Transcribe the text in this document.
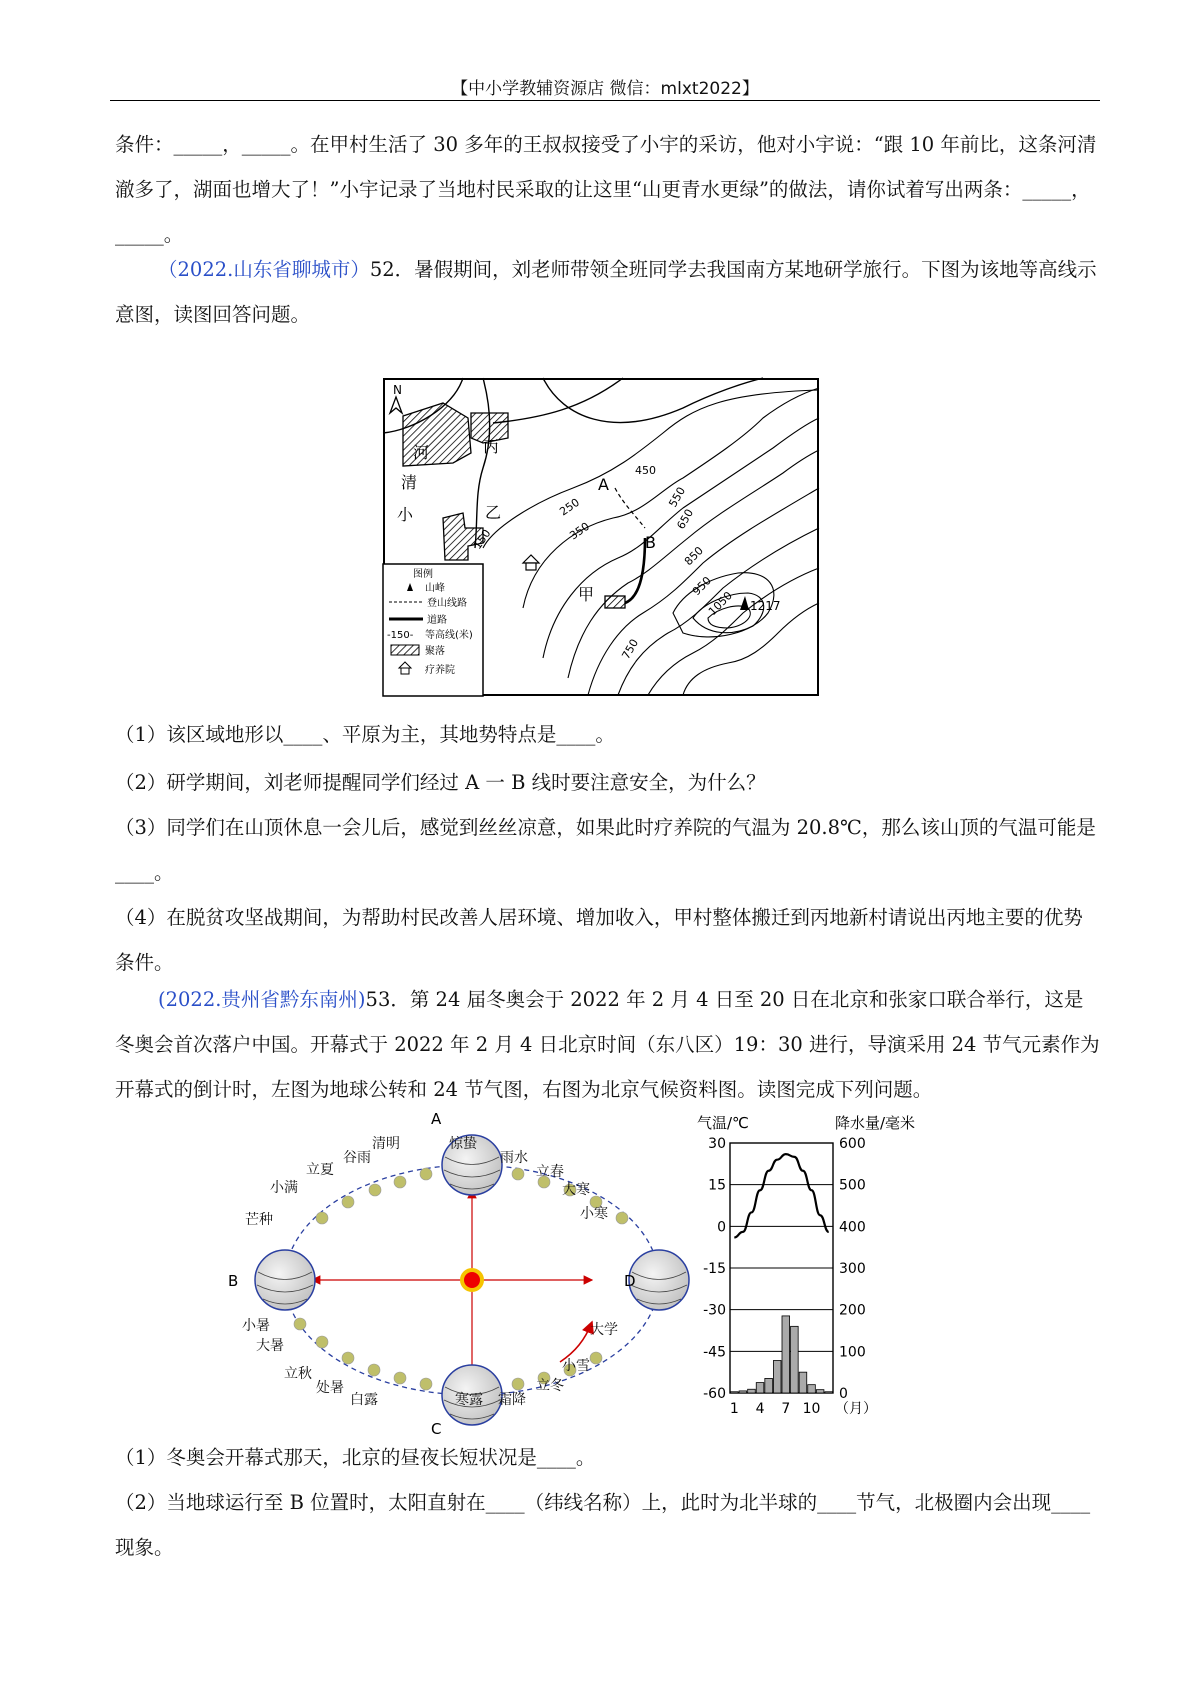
【中小学教辅资源店 微信：mlxt2022】
条件：_____，_____。在甲村生活了 30 多年的王叔叔接受了小宇的采访，他对小宇说：“跟 10 年前比，这条河清澈多了，湖面也增大了！”小宇记录了当地村民采取的让这里“山更青水更绿”的做法，请你试着写出两条：_____，_____。
（2022.山东省聊城市）52．暑假期间，刘老师带领全班同学去我国南方某地研学旅行。下图为该地等高线示意图，读图回答问题。
N
1217
丙
乙
甲
A
B
小
清
河
150
250
350
450
550
650
750
850
950
1050
图例
山峰
登山线路
道路
-150- 等高线(米)
聚落
疗养院
（1）该区域地形以____、平原为主，其地势特点是____。
（2）研学期间，刘老师提醒同学们经过 A 一 B 线时要注意安全，为什么？
（3）同学们在山顶休息一会儿后，感觉到丝丝凉意，如果此时疗养院的气温为 20.8℃，那么该山顶的气温可能是____。
（4）在脱贫攻坚战期间，为帮助村民改善人居环境、增加收入，甲村整体搬迁到丙地新村请说出丙地主要的优势条件。
(2022.贵州省黔东南州)53．第 24 届冬奥会于 2022 年 2 月 4 日至 20 日在北京和张家口联合举行，这是冬奥会首次落户中国。开幕式于 2022 年 2 月 4 日北京时间（东八区）19：30 进行，导演采用 24 节气元素作为开幕式的倒计时，左图为地球公转和 24 节气图，右图为北京气候资料图。读图完成下列问题。
A
B
C
D
清明
谷雨
立夏
小满
芒种
惊蛰
雨水
立春
大寒
小寒
小暑
大暑
立秋
处暑
白露	寒露 霜降
立冬
小雪
大学
气温/℃	降水量/毫米
30
15
0
-15
-30
-45
-60
600
500
400
300
200
100
0
1 4 7 10 （月）
（1）冬奥会开幕式那天，北京的昼夜长短状况是____。
（2）当地球运行至 B 位置时，太阳直射在____（纬线名称）上，此时为北半球的____节气，北极圈内会出现____现象。
